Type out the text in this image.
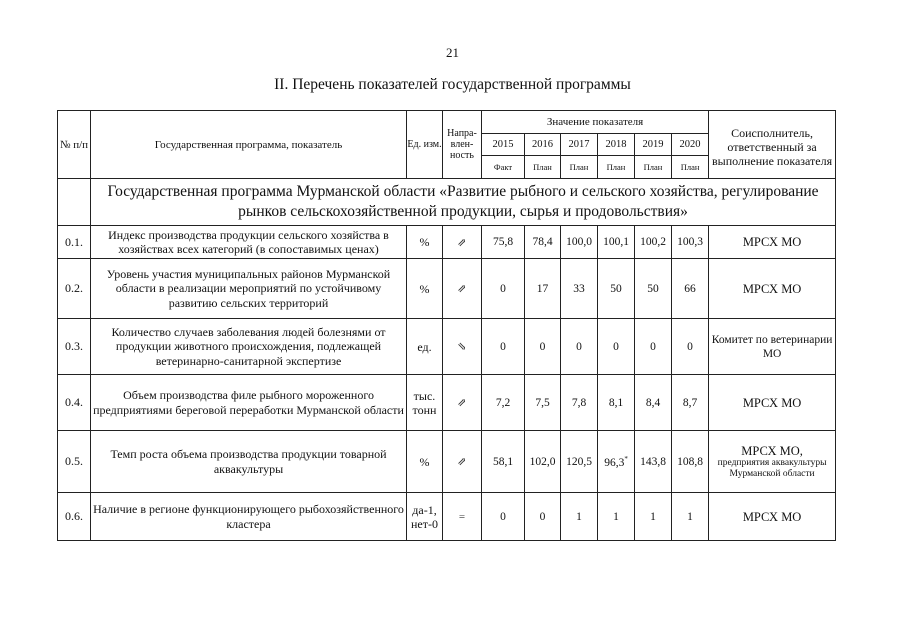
21
II. Перечень показателей государственной программы
№ п/п	Государственная программа, показатель	Ед. изм.	Напра-влен-ность	Значение показателя						Соисполнитель, ответственный за выполнение показателя
				2015	2016	2017	2018	2019	2020	
				Факт	План	План	План	План	План	
	Государственная программа Мурманской области «Развитие рыбного и сельского хозяйства, регулирование рынков сельскохозяйственной продукции, сырья и продовольствия»									
0.1.	Индекс производства продукции сельского хозяйства в хозяйствах всех категорий (в сопоставимых ценах)	%	⇗	75,8	78,4	100,0	100,1	100,2	100,3	МРСХ МО
0.2.	Уровень участия муниципальных районов Мурманской области в реализации мероприятий по устойчивому развитию сельских территорий	%	⇗	0	17	33	50	50	66	МРСХ МО
0.3.	Количество случаев заболевания людей болезнями от продукции животного происхождения, подлежащей ветеринарно-санитарной экспертизе	ед.	⇘	0	0	0	0	0	0	Комитет по ветеринарии МО
0.4.	Объем производства филе рыбного мороженного предприятиями береговой переработки Мурманской области	тыс. тонн	⇗	7,2	7,5	7,8	8,1	8,4	8,7	МРСХ МО
0.5.	Темп роста объема производства продукции товарной аквакультуры	%	⇗	58,1	102,0	120,5	96,3*	143,8	108,8	МРСХ МО,
предприятия аквакультуры Мурманской области

0.6.	Наличие в регионе функционирующего рыбохозяйственного кластера	да-1, нет-0	=	0	0	1	1	1	1	МРСХ МО
